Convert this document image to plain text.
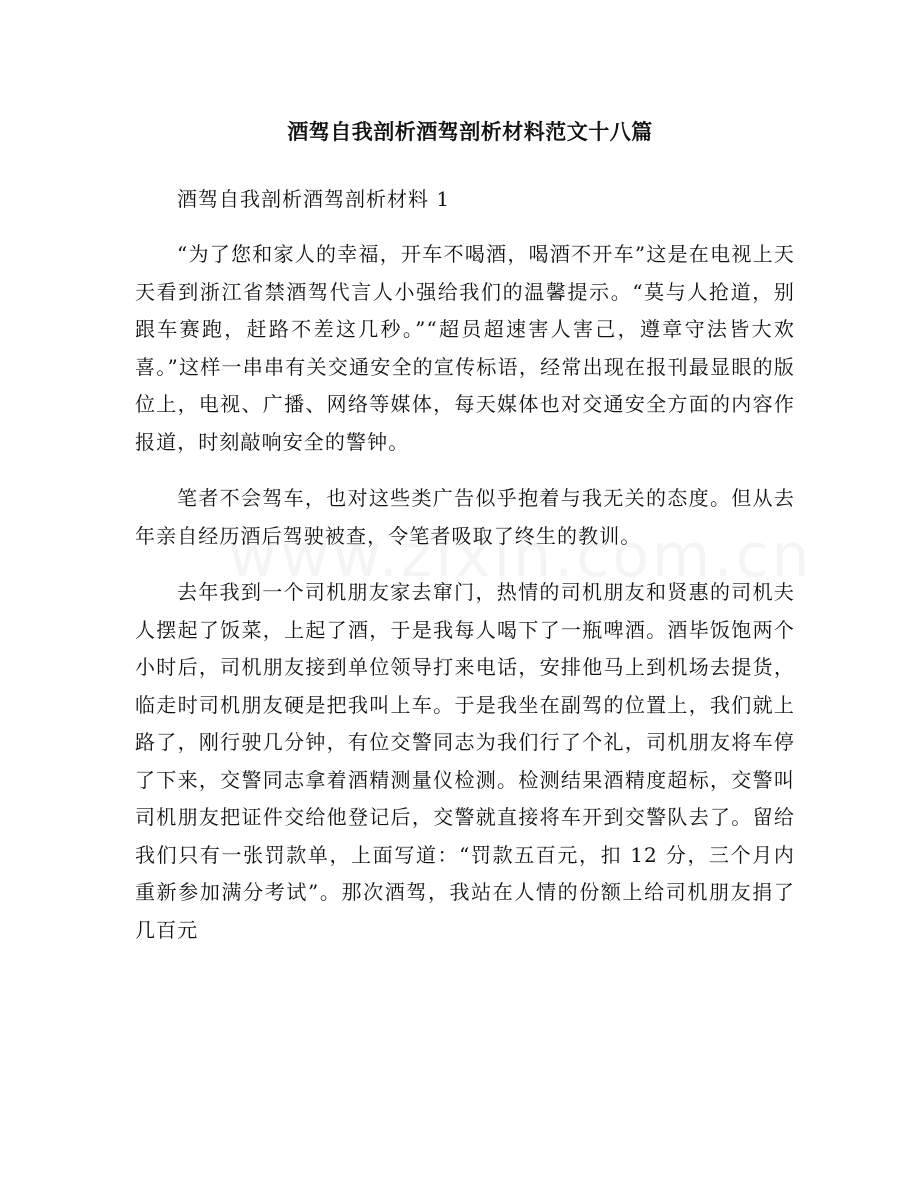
酒驾自我剖析酒驾剖析材料范文十八篇

酒驾自我剖析酒驾剖析材料 1

“为了您和家人的幸福，开车不喝酒，喝酒不开车”这是在电视上天天看到浙江省禁酒驾代言人小强给我们的温馨提示。“莫与人抢道，别跟车赛跑，赶路不差这几秒。”“超员超速害人害己，遵章守法皆大欢喜。”这样一串串有关交通安全的宣传标语，经常出现在报刊最显眼的版位上，电视、广播、网络等媒体，每天媒体也对交通安全方面的内容作报道，时刻敲响安全的警钟。

笔者不会驾车，也对这些类广告似乎抱着与我无关的态度。但从去年亲自经历酒后驾驶被查，令笔者吸取了终生的教训。

去年我到一个司机朋友家去窜门，热情的司机朋友和贤惠的司机夫人摆起了饭菜，上起了酒，于是我每人喝下了一瓶啤酒。酒毕饭饱两个小时后，司机朋友接到单位领导打来电话，安排他马上到机场去提货，临走时司机朋友硬是把我叫上车。于是我坐在副驾的位置上，我们就上路了，刚行驶几分钟，有位交警同志为我们行了个礼，司机朋友将车停了下来，交警同志拿着酒精测量仪检测。检测结果酒精度超标，交警叫司机朋友把证件交给他登记后，交警就直接将车开到交警队去了。留给我们只有一张罚款单，上面写道：“罚款五百元，扣 12 分，三个月内重新参加满分考试”。那次酒驾，我站在人情的份额上给司机朋友捐了几百元
